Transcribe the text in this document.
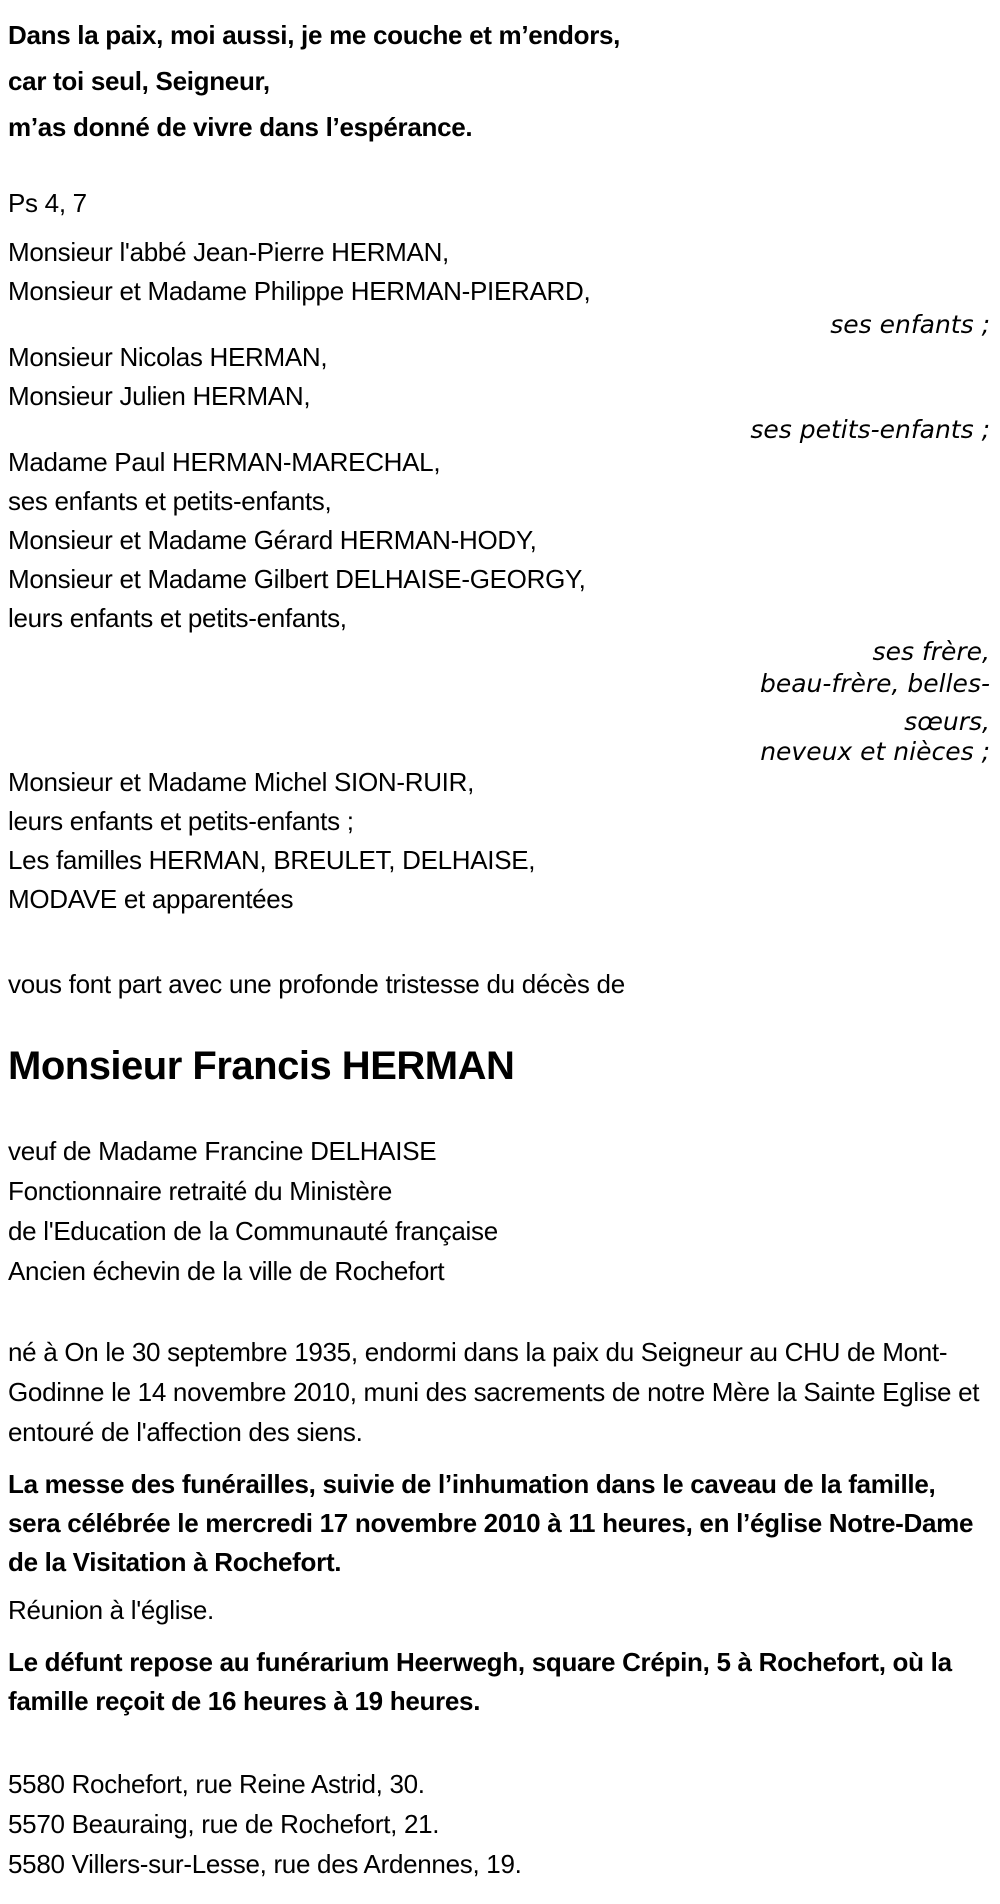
Dans la paix, moi aussi, je me couche et m’endors,
car toi seul, Seigneur,
m’as donné de vivre dans l’espérance.
Ps 4, 7
Monsieur l'abbé Jean-Pierre HERMAN,
Monsieur et Madame Philippe HERMAN-PIERARD,
ses enfants ;
Monsieur Nicolas HERMAN,
Monsieur Julien HERMAN,
ses petits-enfants ;
Madame Paul HERMAN-MARECHAL,
ses enfants et petits-enfants,
Monsieur et Madame Gérard HERMAN-HODY,
Monsieur et Madame Gilbert DELHAISE-GEORGY,
leurs enfants et petits-enfants,
ses frère,
beau-frère, belles-
sœurs,
neveux et nièces ;
Monsieur et Madame Michel SION-RUIR,
leurs enfants et petits-enfants ;
Les familles HERMAN, BREULET, DELHAISE,
MODAVE et apparentées

vous font part avec une profonde tristesse du décès de

Monsieur Francis HERMAN
veuf de Madame Francine DELHAISE
Fonctionnaire retraité du Ministère
de l'Education de la Communauté française
Ancien échevin de la ville de Rochefort

né à On le 30 septembre 1935, endormi dans la paix du Seigneur au CHU de Mont-Godinne le 14 novembre 2010, muni des sacrements de notre Mère la Sainte Eglise et entouré de l'affection des siens.

La messe des funérailles, suivie de l’inhumation dans le caveau de la famille, sera célébrée le mercredi 17 novembre 2010 à 11 heures, en l’église Notre-Dame de la Visitation à Rochefort.

Réunion à l'église.

Le défunt repose au funérarium Heerwegh, square Crépin, 5 à Rochefort, où la famille reçoit de 16 heures à 19 heures.

5580 Rochefort, rue Reine Astrid, 30.
5570 Beauraing, rue de Rochefort, 21.
5580 Villers-sur-Lesse, rue des Ardennes, 19.
